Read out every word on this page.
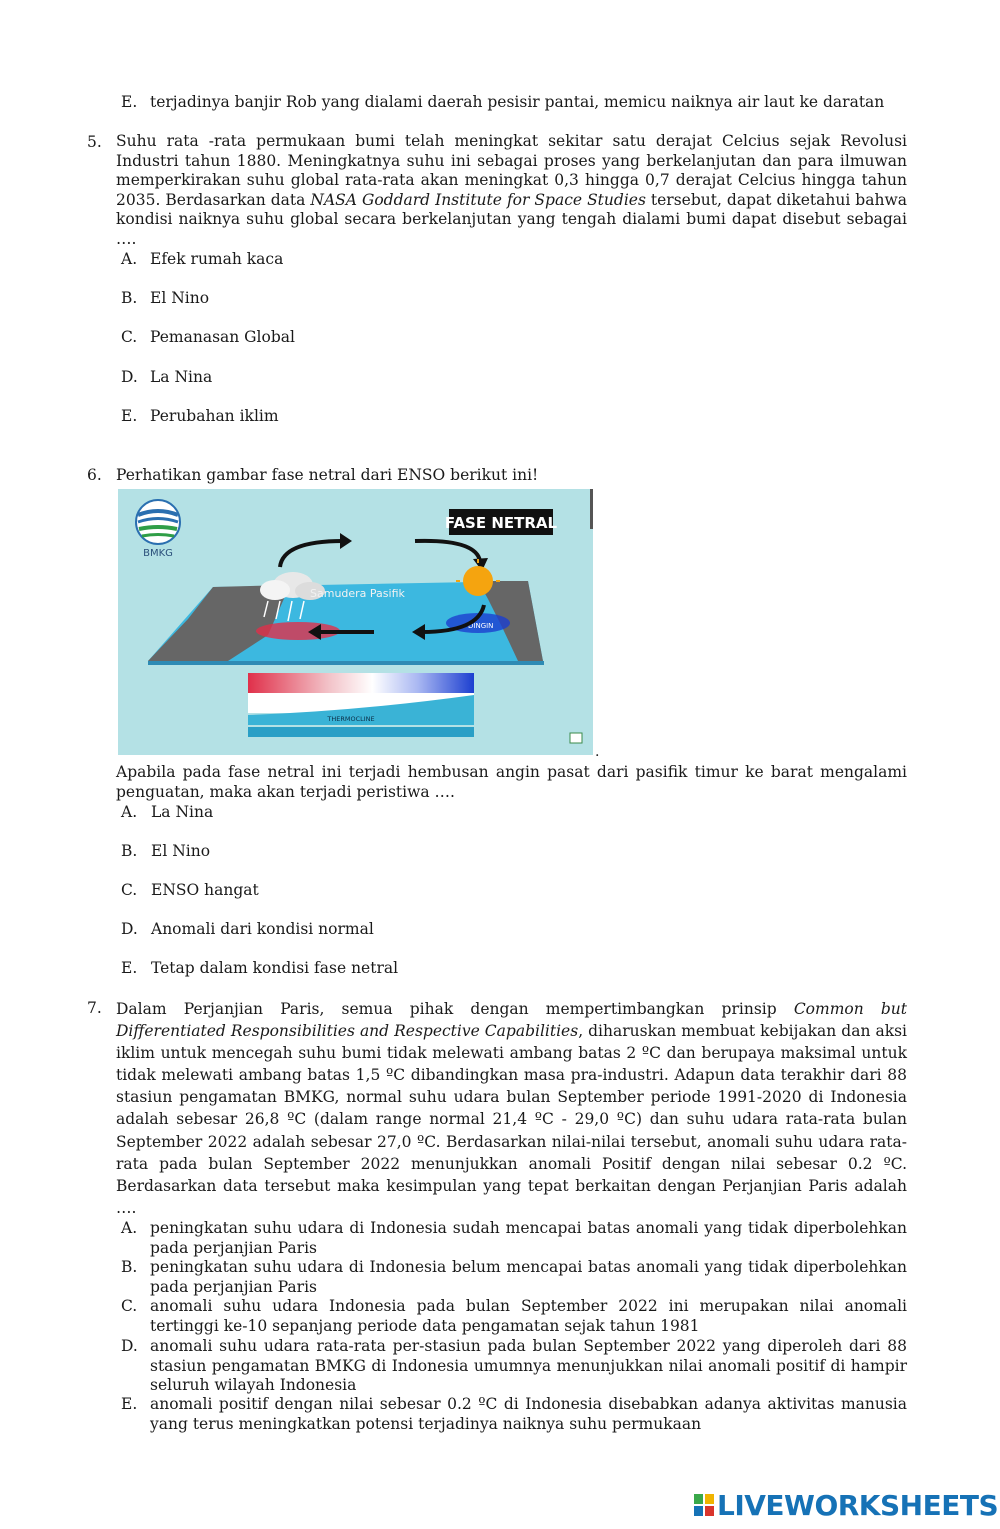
E. terjadinya banjir Rob yang dialami daerah pesisir pantai, memicu naiknya air laut ke daratan
5. Suhu rata -rata permukaan bumi telah meningkat sekitar satu derajat Celcius sejak Revolusi Industri tahun 1880. Meningkatnya suhu ini sebagai proses yang berkelanjutan dan para ilmuwan memperkirakan suhu global rata-rata akan meningkat 0,3 hingga 0,7 derajat Celcius hingga tahun 2035. Berdasarkan data NASA Goddard Institute for Space Studies tersebut, dapat diketahui bahwa kondisi naiknya suhu global secara berkelanjutan yang tengah dialami bumi dapat disebut sebagai ….
A. Efek rumah kaca
B. El Nino
C. Pemanasan Global
D. La Nina
E. Perubahan iklim
6. Perhatikan gambar fase netral dari ENSO berikut ini!
BMKG
FASE NETRAL
DINGIN
Samudera Pasifik
THERMOCLINE
.
Apabila pada fase netral ini terjadi hembusan angin pasat dari pasifik timur ke barat mengalami penguatan, maka akan terjadi peristiwa ….
A. La Nina
B. El Nino
C. ENSO hangat
D. Anomali dari kondisi normal
E. Tetap dalam kondisi fase netral
7. Dalam Perjanjian Paris, semua pihak dengan mempertimbangkan prinsip Common but Differentiated Responsibilities and Respective Capabilities, diharuskan membuat kebijakan dan aksi iklim untuk mencegah suhu bumi tidak melewati ambang batas 2 ºC dan berupaya maksimal untuk tidak melewati ambang batas 1,5 ºC dibandingkan masa pra-industri. Adapun data terakhir dari 88 stasiun pengamatan BMKG, normal suhu udara bulan September periode 1991-2020 di Indonesia adalah sebesar 26,8 ºC (dalam range normal 21,4 ºC - 29,0 ºC) dan suhu udara rata-rata bulan September 2022 adalah sebesar 27,0 ºC. Berdasarkan nilai-nilai tersebut, anomali suhu udara rata-rata pada bulan September 2022 menunjukkan anomali Positif dengan nilai sebesar 0.2 ºC. Berdasarkan data tersebut maka kesimpulan yang tepat berkaitan dengan Perjanjian Paris adalah ….
A. peningkatan suhu udara di Indonesia sudah mencapai batas anomali yang tidak diperbolehkan pada perjanjian Paris
B. peningkatan suhu udara di Indonesia belum mencapai batas anomali yang tidak diperbolehkan pada perjanjian Paris
C. anomali suhu udara Indonesia pada bulan September 2022 ini merupakan nilai anomali tertinggi ke-10 sepanjang periode data pengamatan sejak tahun 1981
D. anomali suhu udara rata-rata per-stasiun pada bulan September 2022 yang diperoleh dari 88 stasiun pengamatan BMKG di Indonesia umumnya menunjukkan nilai anomali positif di hampir seluruh wilayah Indonesia
E. anomali positif dengan nilai sebesar 0.2 ºC di Indonesia disebabkan adanya aktivitas manusia yang terus meningkatkan potensi terjadinya naiknya suhu permukaan
LIVEWORKSHEETS
